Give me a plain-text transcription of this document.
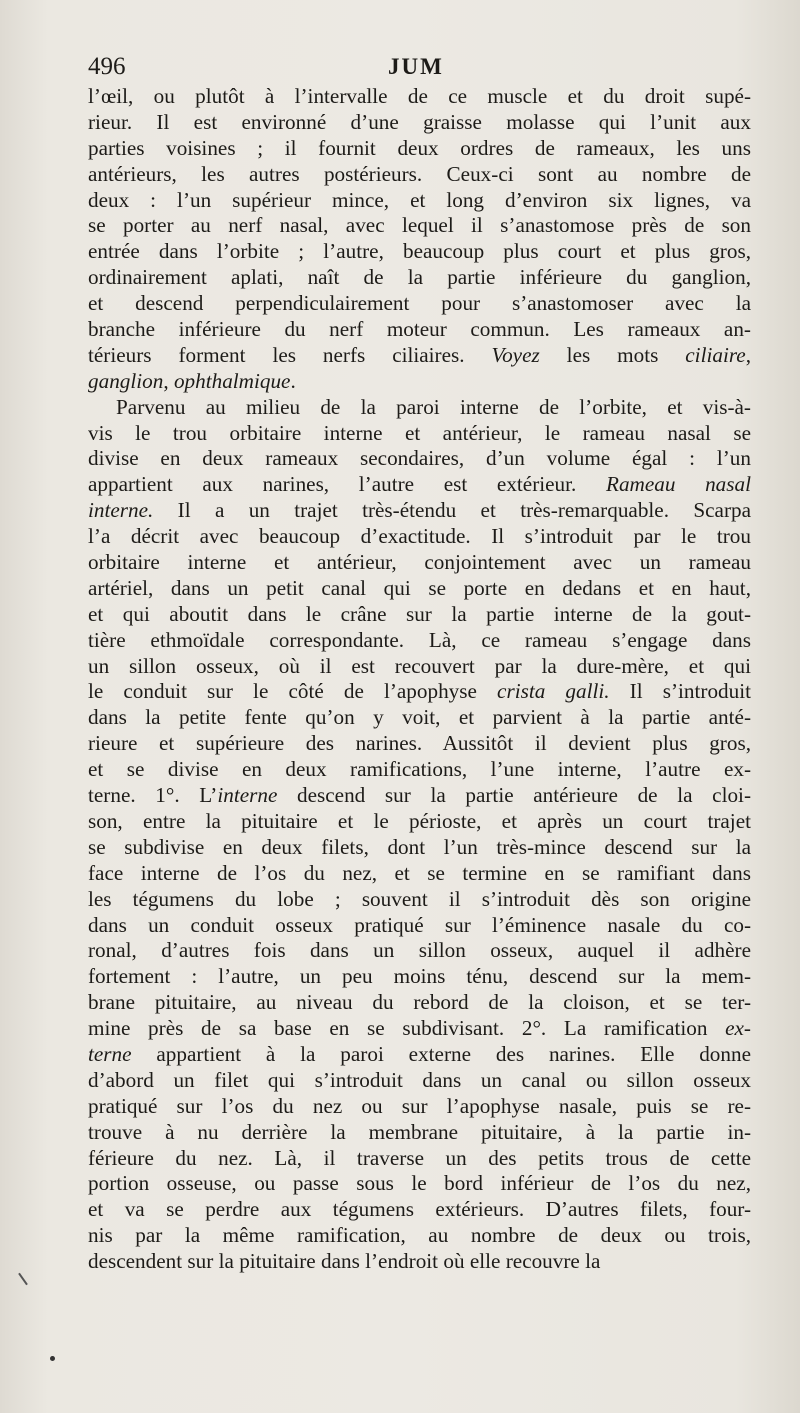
496	JUM
l’œil, ou plutôt à l’intervalle de ce muscle et du droit supé-
rieur. Il est environné d’une graisse molasse qui l’unit aux
parties voisines ; il fournit deux ordres de rameaux, les uns
antérieurs, les autres postérieurs. Ceux-ci sont au nombre de
deux : l’un supérieur mince, et long d’environ six lignes, va
se porter au nerf nasal, avec lequel il s’anastomose près de son
entrée dans l’orbite ; l’autre, beaucoup plus court et plus gros,
ordinairement aplati, naît de la partie inférieure du ganglion,
et descend perpendiculairement pour s’anastomoser avec la
branche inférieure du nerf moteur commun. Les rameaux an-
térieurs forment les nerfs ciliaires. Voyez les mots ciliaire,
ganglion, ophthalmique.
Parvenu au milieu de la paroi interne de l’orbite, et vis-à-
vis le trou orbitaire interne et antérieur, le rameau nasal se
divise en deux rameaux secondaires, d’un volume égal : l’un
appartient aux narines, l’autre est extérieur. Rameau nasal
interne. Il a un trajet très-étendu et très-remarquable. Scarpa
l’a décrit avec beaucoup d’exactitude. Il s’introduit par le trou
orbitaire interne et antérieur, conjointement avec un rameau
artériel, dans un petit canal qui se porte en dedans et en haut,
et qui aboutit dans le crâne sur la partie interne de la gout-
tière ethmoïdale correspondante. Là, ce rameau s’engage dans
un sillon osseux, où il est recouvert par la dure-mère, et qui
le conduit sur le côté de l’apophyse crista galli. Il s’introduit
dans la petite fente qu’on y voit, et parvient à la partie anté-
rieure et supérieure des narines. Aussitôt il devient plus gros,
et se divise en deux ramifications, l’une interne, l’autre ex-
terne. 1°. L’interne descend sur la partie antérieure de la cloi-
son, entre la pituitaire et le périoste, et après un court trajet
se subdivise en deux filets, dont l’un très-mince descend sur la
face interne de l’os du nez, et se termine en se ramifiant dans
les tégumens du lobe ; souvent il s’introduit dès son origine
dans un conduit osseux pratiqué sur l’éminence nasale du co-
ronal, d’autres fois dans un sillon osseux, auquel il adhère
fortement : l’autre, un peu moins ténu, descend sur la mem-
brane pituitaire, au niveau du rebord de la cloison, et se ter-
mine près de sa base en se subdivisant. 2°. La ramification ex-
terne appartient à la paroi externe des narines. Elle donne
d’abord un filet qui s’introduit dans un canal ou sillon osseux
pratiqué sur l’os du nez ou sur l’apophyse nasale, puis se re-
trouve à nu derrière la membrane pituitaire, à la partie in-
férieure du nez. Là, il traverse un des petits trous de cette
portion osseuse, ou passe sous le bord inférieur de l’os du nez,
et va se perdre aux tégumens extérieurs. D’autres filets, four-
nis par la même ramification, au nombre de deux ou trois,
descendent sur la pituitaire dans l’endroit où elle recouvre la
